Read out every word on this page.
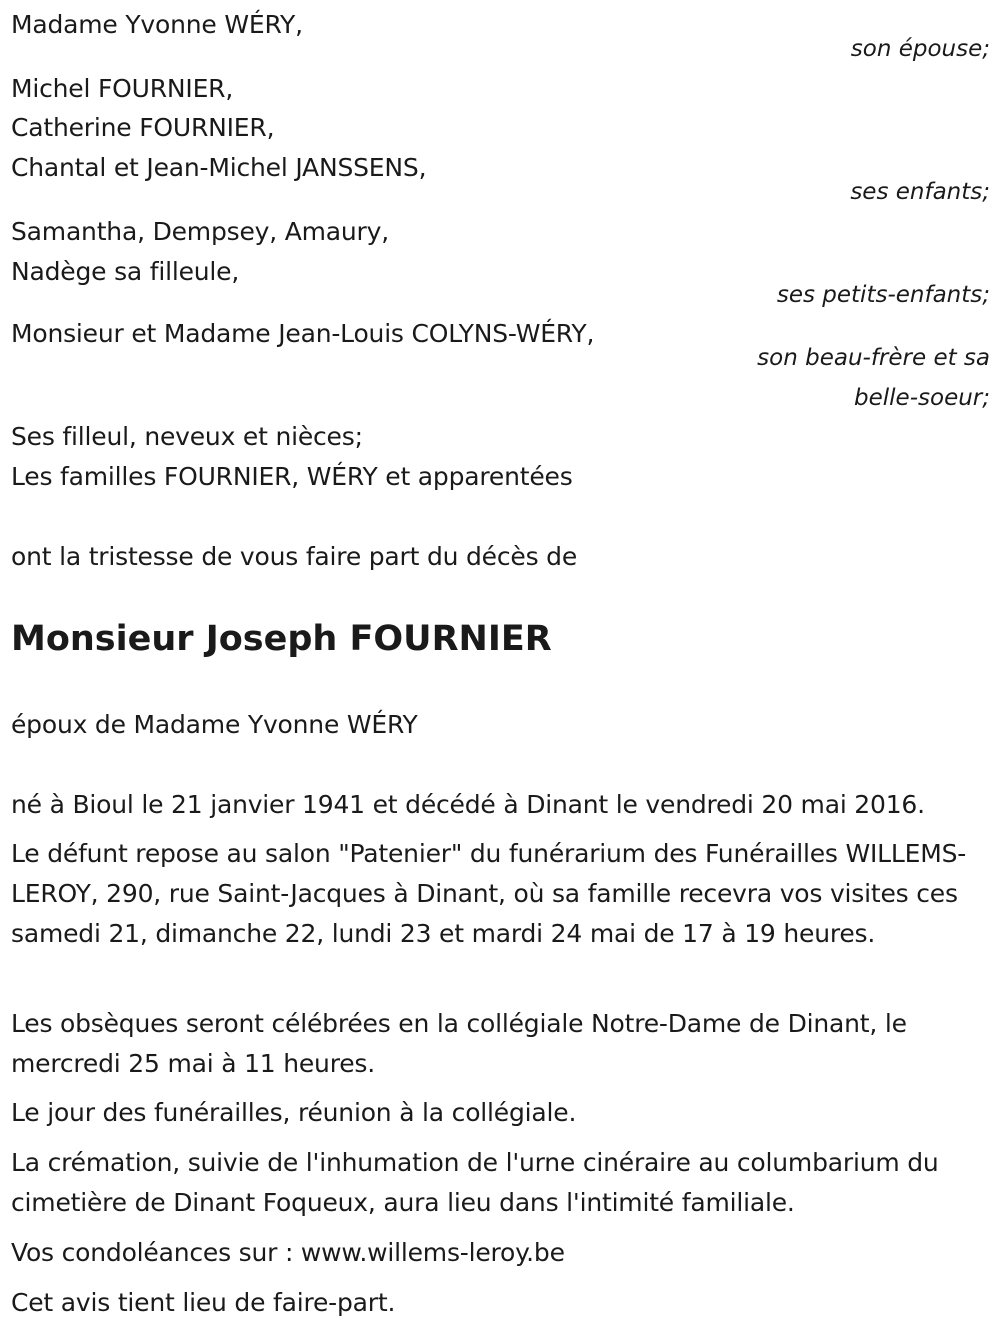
Madame Yvonne WÉRY,
son épouse;
Michel FOURNIER,
Catherine FOURNIER,
Chantal et Jean-Michel JANSSENS,
ses enfants;
Samantha, Dempsey, Amaury,
Nadège sa filleule,
ses petits-enfants;
Monsieur et Madame Jean-Louis COLYNS-WÉRY,
son beau-frère et sa
belle-soeur;
Ses filleul, neveux et nièces;
Les familles FOURNIER, WÉRY et apparentées
ont la tristesse de vous faire part du décès de
Monsieur Joseph FOURNIER
époux de Madame Yvonne WÉRY
né à Bioul le 21 janvier 1941 et décédé à Dinant le vendredi 20 mai 2016.
Le défunt repose au salon "Patenier" du funérarium des Funérailles WILLEMS-LEROY, 290, rue Saint-Jacques à Dinant, où sa famille recevra vos visites ces samedi 21, dimanche 22, lundi 23 et mardi 24 mai de 17 à 19 heures.
Les obsèques seront célébrées en la collégiale Notre-Dame de Dinant, le mercredi 25 mai à 11 heures.
Le jour des funérailles, réunion à la collégiale.
La crémation, suivie de l'inhumation de l'urne cinéraire au columbarium du cimetière de Dinant Foqueux, aura lieu dans l'intimité familiale.
Vos condoléances sur : www.willems-leroy.be
Cet avis tient lieu de faire-part.
